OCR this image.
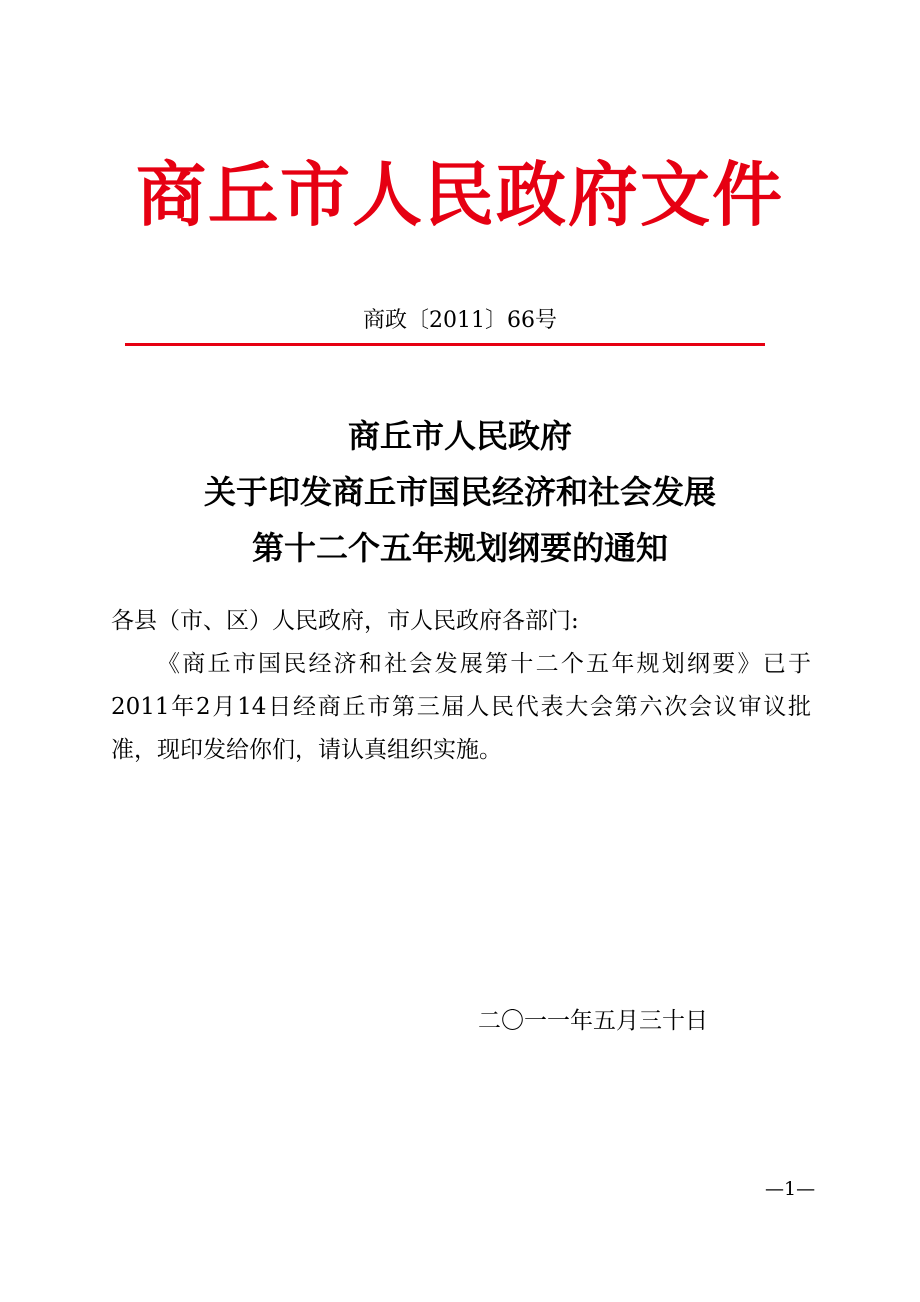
商丘市人民政府文件
商政〔2011〕66号
商丘市人民政府
关于印发商丘市国民经济和社会发展
第十二个五年规划纲要的通知

各县（市、区）人民政府，市人民政府各部门:

《商丘市国民经济和社会发展第十二个五年规划纲要》已于2011年2月14日经商丘市第三届人民代表大会第六次会议审议批准，现印发给你们，请认真组织实施。

二〇一一年五月三十日
—1—
